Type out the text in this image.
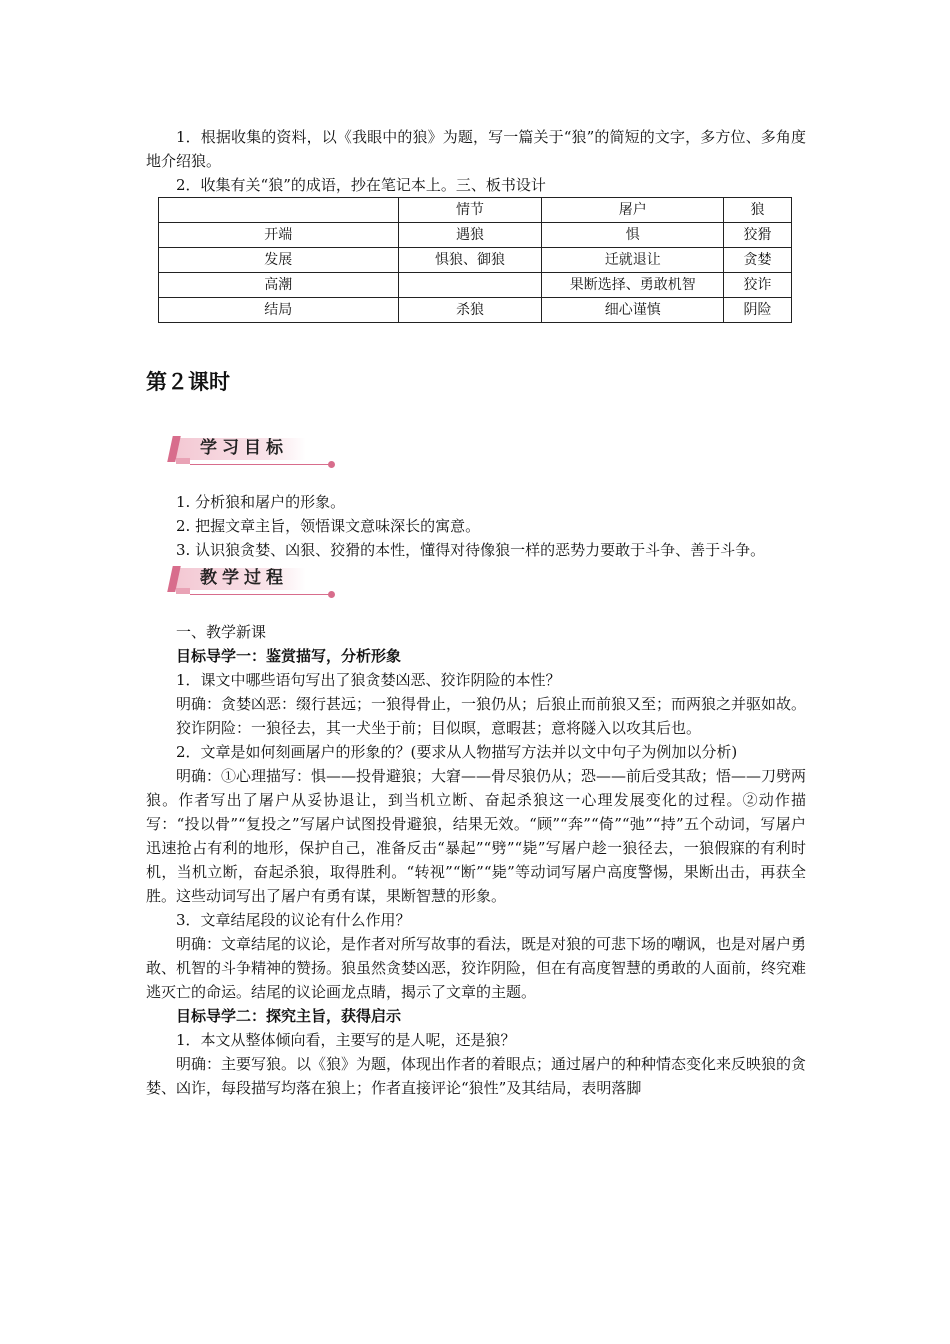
1．根据收集的资料，以《我眼中的狼》为题，写一篇关于“狼”的简短的文字，多方位、多角度地介绍狼。

2．收集有关“狼”的成语，抄在笔记本上。三、板书设计

	情节	屠户	狼
开端	遇狼	惧	狡猾
发展	惧狼、御狼	迁就退让	贪婪
高潮		果断选择、勇敢机智	狡诈
结局	杀狼	细心谨慎	阴险

第２课时

学习目标

1. 分析狼和屠户的形象。

2. 把握文章主旨，领悟课文意味深长的寓意。

3. 认识狼贪婪、凶狠、狡猾的本性，懂得对待像狼一样的恶势力要敢于斗争、善于斗争。

教学过程

一、教学新课

目标导学一：鉴赏描写，分析形象

1．课文中哪些语句写出了狼贪婪凶恶、狡诈阴险的本性？

明确：贪婪凶恶：缀行甚远；一狼得骨止，一狼仍从；后狼止而前狼又至；而两狼之并驱如故。

狡诈阴险：一狼径去，其一犬坐于前；目似暝，意暇甚；意将隧入以攻其后也。

2．文章是如何刻画屠户的形象的？(要求从人物描写方法并以文中句子为例加以分析)

明确：①心理描写：惧——投骨避狼；大窘——骨尽狼仍从；恐——前后受其敌；悟——刀劈两狼。作者写出了屠户从妥协退让，到当机立断、奋起杀狼这一心理发展变化的过程。②动作描写：“投以骨”“复投之”写屠户试图投骨避狼，结果无效。“顾”“奔”“倚”“弛”“持”五个动词，写屠户迅速抢占有利的地形，保护自己，准备反击“暴起”“劈”“毙”写屠户趁一狼径去，一狼假寐的有利时机，当机立断，奋起杀狼，取得胜利。“转视”“断”“毙”等动词写屠户高度警惕，果断出击，再获全胜。这些动词写出了屠户有勇有谋，果断智慧的形象。

3．文章结尾段的议论有什么作用？

明确：文章结尾的议论，是作者对所写故事的看法，既是对狼的可悲下场的嘲讽，也是对屠户勇敢、机智的斗争精神的赞扬。狼虽然贪婪凶恶，狡诈阴险，但在有高度智慧的勇敢的人面前，终究难逃灭亡的命运。结尾的议论画龙点睛，揭示了文章的主题。

目标导学二：探究主旨，获得启示

1．本文从整体倾向看，主要写的是人呢，还是狼？

明确：主要写狼。以《狼》为题，体现出作者的着眼点；通过屠户的种种情态变化来反映狼的贪婪、凶诈，每段描写均落在狼上；作者直接评论“狼性”及其结局，表明落脚
